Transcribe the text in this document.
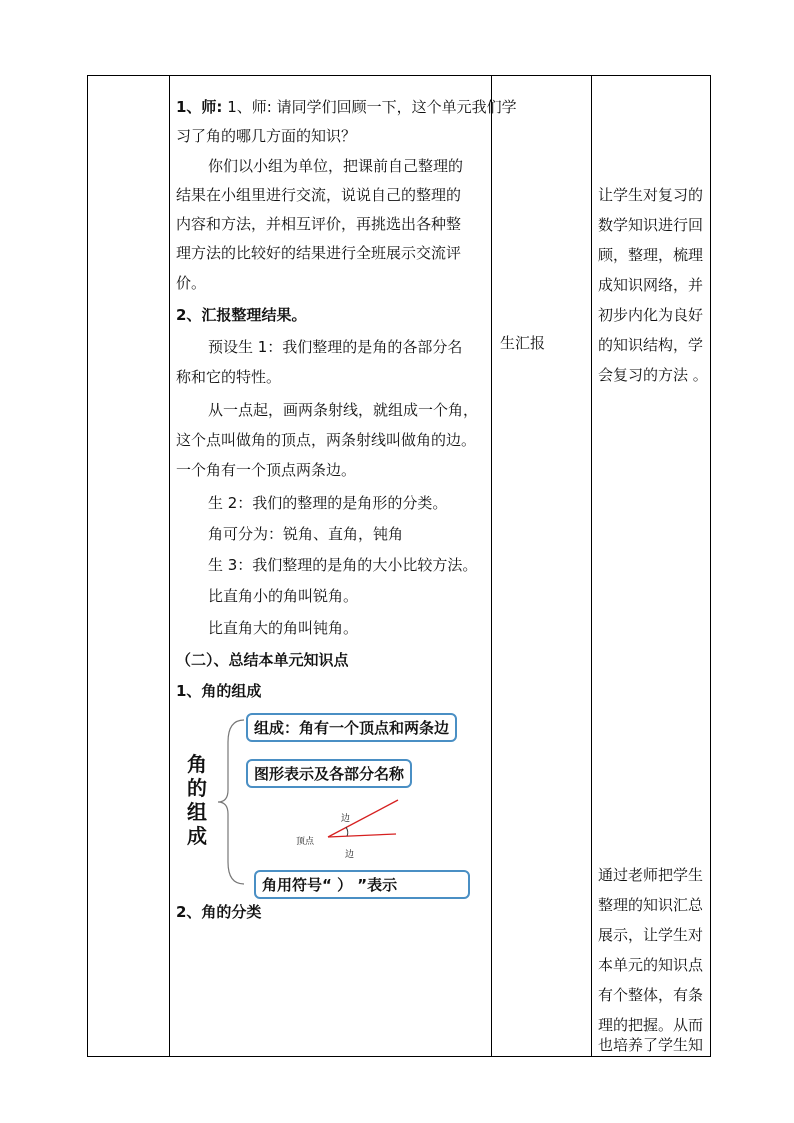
1、师: 1、师: 请同学们回顾一下，这个单元我们学
习了角的哪几方面的知识？
你们以小组为单位，把课前自己整理的
结果在小组里进行交流，说说自己的整理的
内容和方法，并相互评价，再挑选出各种整
理方法的比较好的结果进行全班展示交流评
价。
2、汇报整理结果。
预设生 1：我们整理的是角的各部分名
称和它的特性。
从一点起，画两条射线，就组成一个角，
这个点叫做角的顶点，两条射线叫做角的边。
一个角有一个顶点两条边。
生 2：我们的整理的是角形的分类。
角可分为：锐角、直角，钝角
生 3：我们整理的是角的大小比较方法。
比直角小的角叫锐角。
比直角大的角叫钝角。
（二）、总结本单元知识点
1、角的组成
角
的
组
成
组成：角有一个顶点和两条边
图形表示及各部分名称
顶点
边
边
角用符号“ ） ”表示
2、角的分类

生汇报

让学生对复习的
数学知识进行回
顾，整理，梳理
成知识网络，并
初步内化为良好
的知识结构，学
会复习的方法 。
通过老师把学生
整理的知识汇总
展示，让学生对
本单元的知识点
有个整体，有条
理的把握。从而
也培养了学生知
